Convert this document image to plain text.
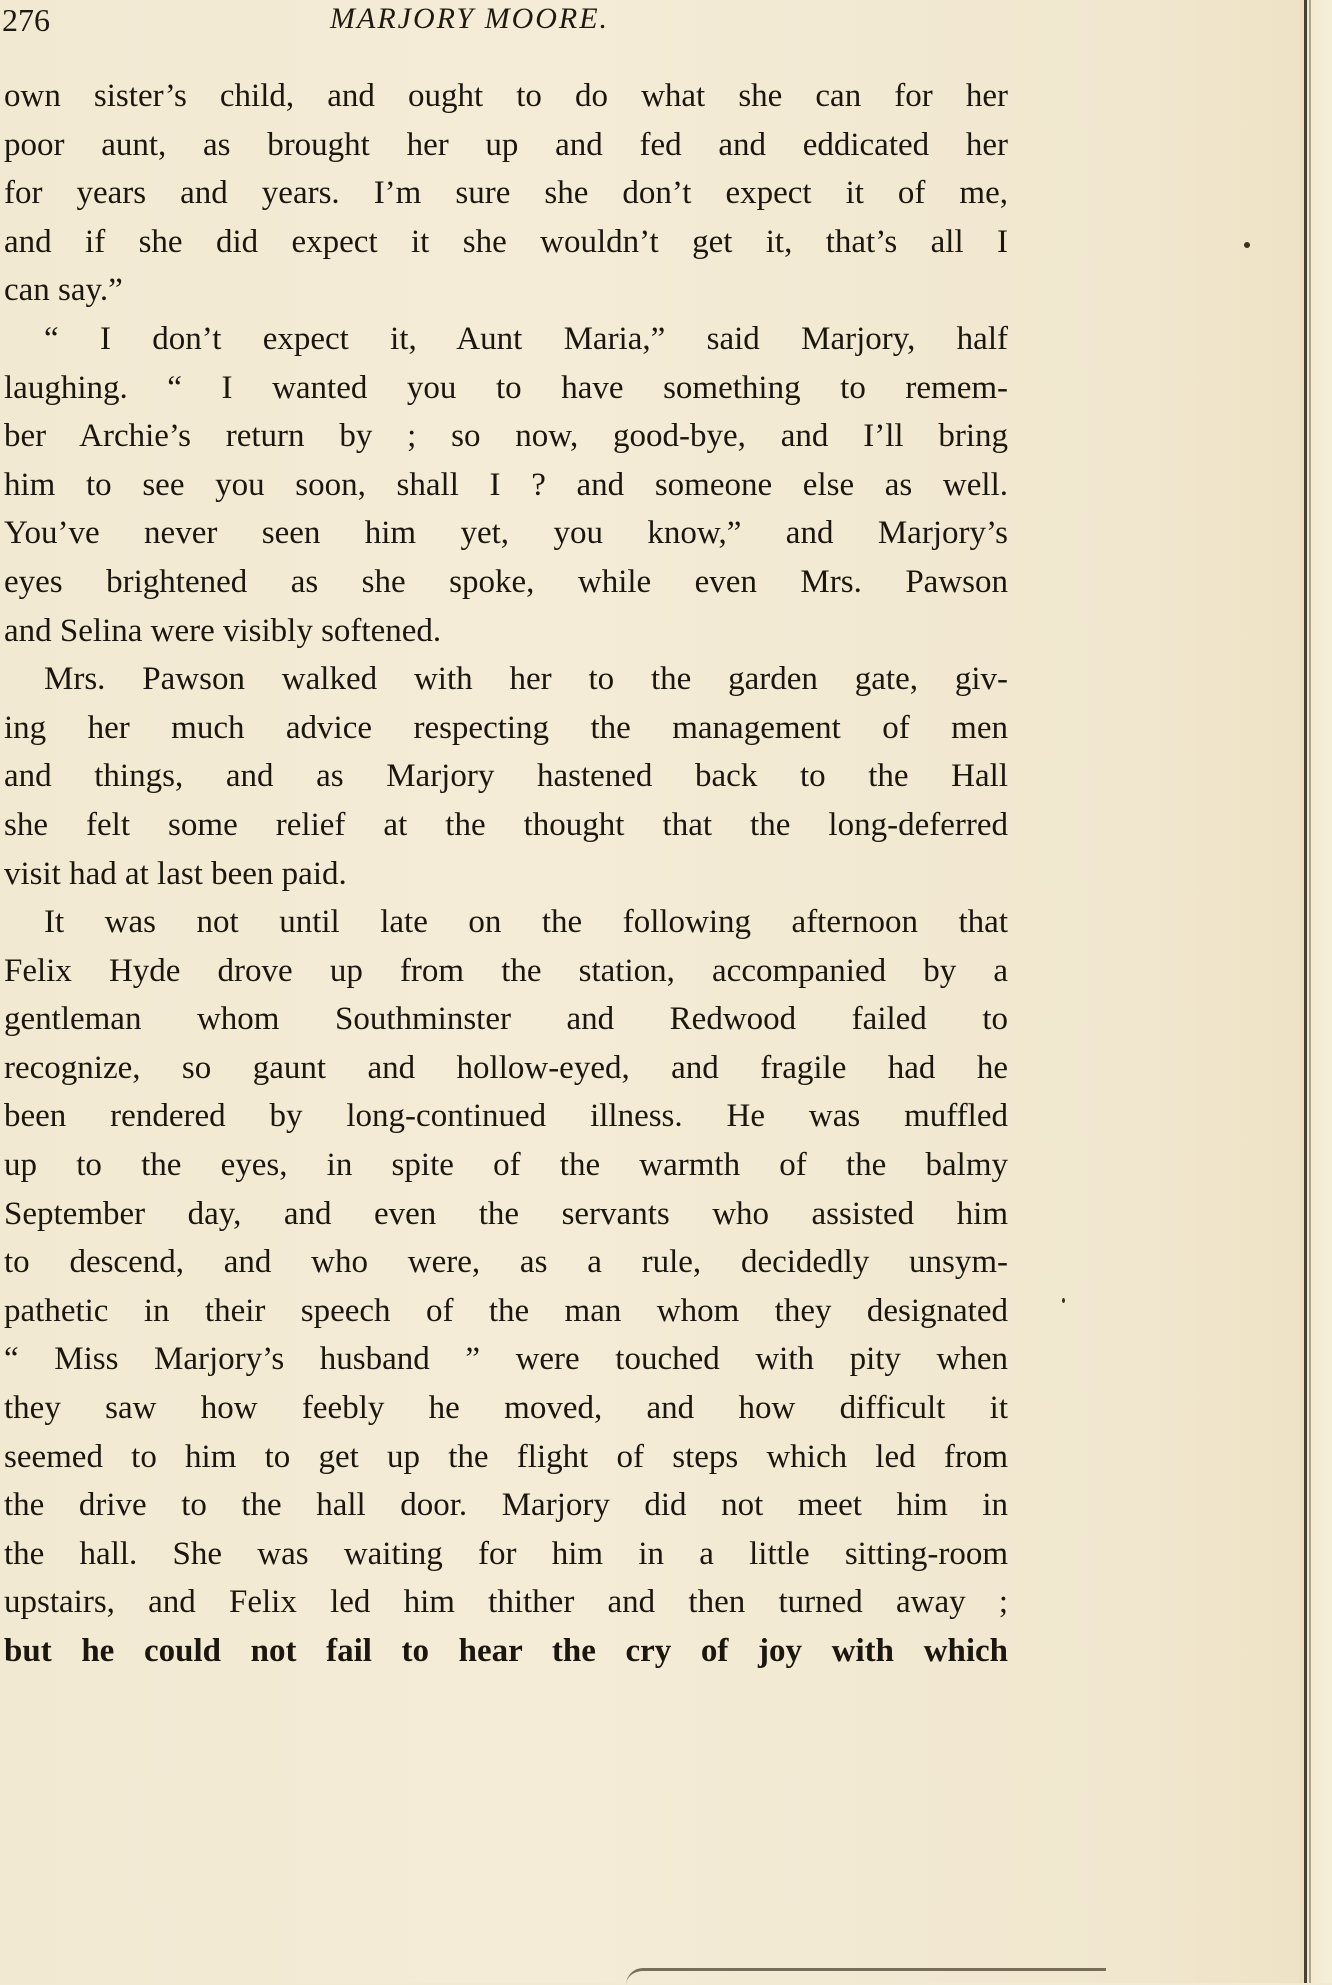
276	MARJORY MOORE.
own sister’s child, and ought to do what she can for her
poor aunt, as brought her up and fed and eddicated her
for years and years. I’m sure she don’t expect it of me,
and if she did expect it she wouldn’t get it, that’s all I
can say.”
“ I don’t expect it, Aunt Maria,” said Marjory, half
laughing. “ I wanted you to have something to remem-
ber Archie’s return by ; so now, good-bye, and I’ll bring
him to see you soon, shall I ? and someone else as well.
You’ve never seen him yet, you know,” and Marjory’s
eyes brightened as she spoke, while even Mrs. Pawson
and Selina were visibly softened.
Mrs. Pawson walked with her to the garden gate, giv-
ing her much advice respecting the management of men
and things, and as Marjory hastened back to the Hall
she felt some relief at the thought that the long-deferred
visit had at last been paid.
It was not until late on the following afternoon that
Felix Hyde drove up from the station, accompanied by a
gentleman whom Southminster and Redwood failed to
recognize, so gaunt and hollow-eyed, and fragile had he
been rendered by long-continued illness. He was muffled
up to the eyes, in spite of the warmth of the balmy
September day, and even the servants who assisted him
to descend, and who were, as a rule, decidedly unsym-
pathetic in their speech of the man whom they designated
“ Miss Marjory’s husband ” were touched with pity when
they saw how feebly he moved, and how difficult it
seemed to him to get up the flight of steps which led from
the drive to the hall door. Marjory did not meet him in
the hall. She was waiting for him in a little sitting-room
upstairs, and Felix led him thither and then turned away ;
but he could not fail to hear the cry of joy with which
